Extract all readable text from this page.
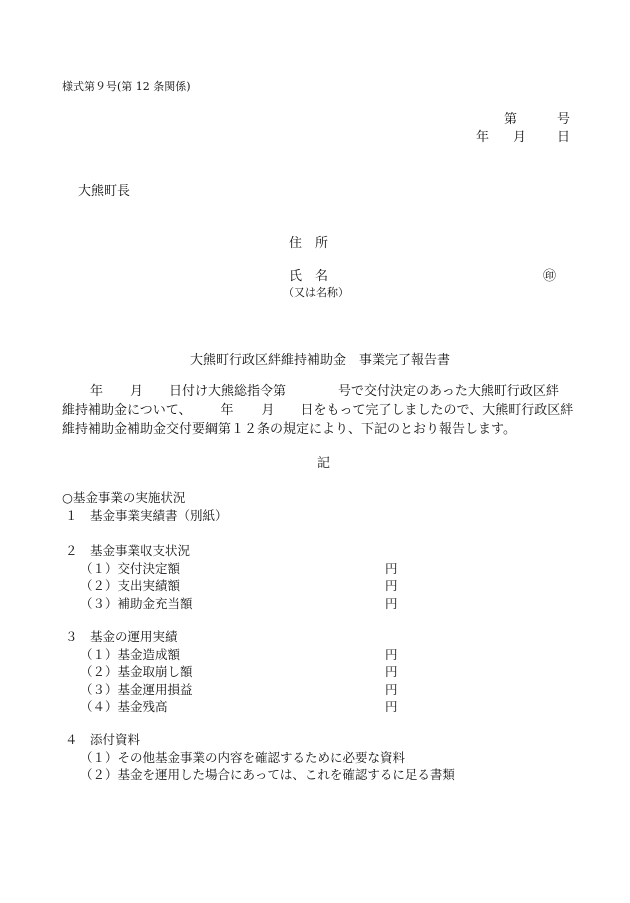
様式第９号(第 12 条関係)
第	号
年 月 日
大熊町長
住　所
氏　名	㊞
（又は名称）
大熊町行政区絆維持補助金　事業完了報告書
年 月 日付け大熊総指令第	号で交付決定のあった大熊町行政区絆
維持補助金について、 年 月 日をもって完了しましたので、大熊町行政区絆
維持補助金補助金交付要綱第１２条の規定により、下記のとおり報告します。
記
○基金事業の実施状況
１　基金事業実績書（別紙）
２　基金事業収支状況
（１）交付決定額	円
（２）支出実績額	円
（３）補助金充当額	円
３　基金の運用実績
（１）基金造成額	円
（２）基金取崩し額	円
（３）基金運用損益	円
（４）基金残高	円
４　添付資料
（１）その他基金事業の内容を確認するために必要な資料
（２）基金を運用した場合にあっては、これを確認するに足る書類
